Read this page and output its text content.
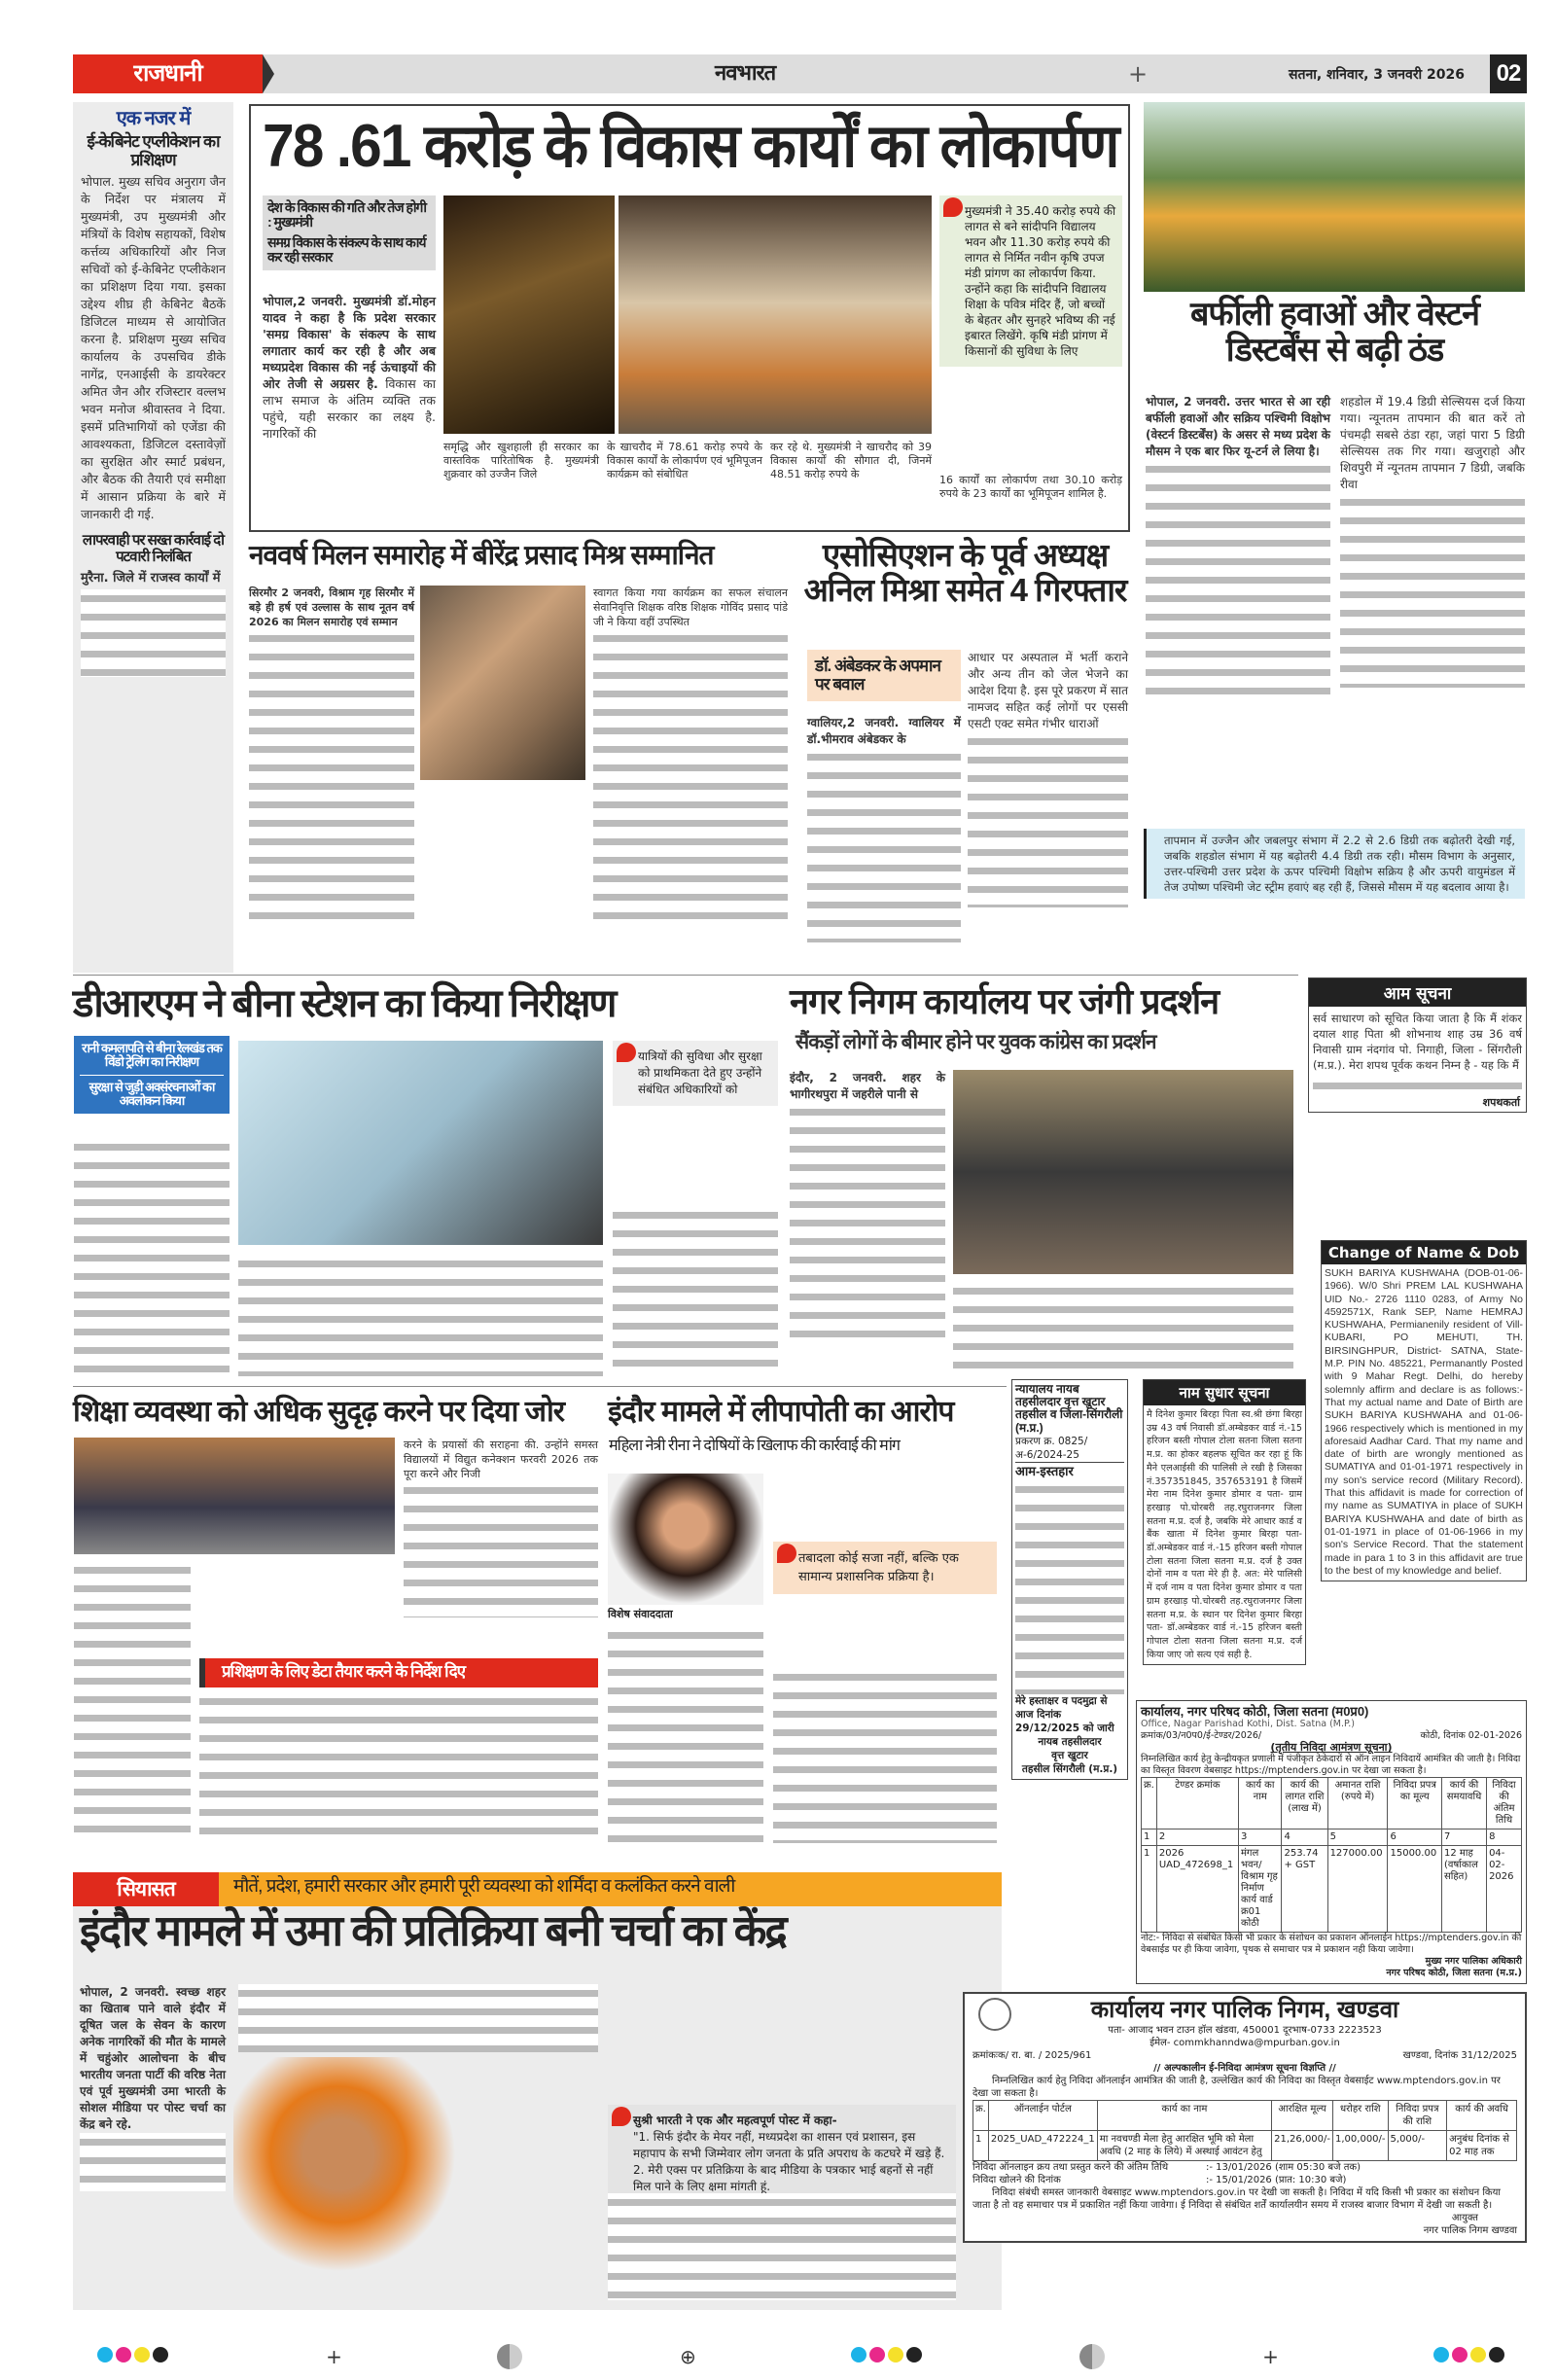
राजधानी	नवभारत	+	सतना, शनिवार, 3 जनवरी 2026 02
एक नजर में
ई-केबिनेट एप्लीकेशन का प्रशिक्षण
भोपाल. मुख्य सचिव अनुराग जैन के निर्देश पर मंत्रालय में मुख्यमंत्री, उप मुख्यमंत्री और मंत्रियों के विशेष सहायकों, विशेष कर्त्तव्य अधिकारियों और निज सचिवों को ई-केबिनेट एप्लीकेशन का प्रशिक्षण दिया गया. इसका उद्देश्य शीघ्र ही केबिनेट बैठकें डिजिटल माध्यम से आयोजित करना है. प्रशिक्षण मुख्य सचिव कार्यालय के उपसचिव डीके नागेंद्र, एनआईसी के डायरेक्टर अमित जैन और रजिस्टार वल्लभ भवन मनोज श्रीवास्तव ने दिया. इसमें प्रतिभागियों को एजेंडा की आवश्यकता, डिजिटल दस्तावेज़ों का सुरक्षित और स्मार्ट प्रबंधन, और बैठक की तैयारी एवं समीक्षा में आसान प्रक्रिया के बारे में जानकारी दी गई.
लापरवाही पर सख्त कार्रवाई दो पटवारी निलंबित
मुरैना. जिले में राजस्व कार्यों में
78 .61 करोड़ के विकास कार्यों का लोकार्पण
देश के विकास की गति और तेज होगी : मुख्यमंत्री
समग्र विकास के संकल्प के साथ कार्य कर रही सरकार
भोपाल,2 जनवरी. मुख्यमंत्री डॉ.मोहन यादव ने कहा है कि प्रदेश सरकार 'समग्र विकास' के संकल्प के साथ लगातार कार्य कर रही है और अब मध्यप्रदेश विकास की नई ऊंचाइयों की ओर तेजी से अग्रसर है. विकास का लाभ समाज के अंतिम व्यक्ति तक पहुंचे, यही सरकार का लक्ष्य है. नागरिकों की
समृद्धि और खुशहाली ही सरकार का वास्तविक पारितोषिक है. मुख्यमंत्री शुक्रवार को उज्जैन जिले
के खाचरौद में 78.61 करोड़ रुपये के विकास कार्यों के लोकार्पण एवं भूमिपूजन कार्यक्रम को संबोधित
कर रहे थे. मुख्यमंत्री ने खाचरौद को 39 विकास कार्यों की सौगात दी, जिनमें 48.51 करोड़ रुपये के
मुख्यमंत्री ने 35.40 करोड़ रुपये की लागत से बने सांदीपनि विद्यालय भवन और 11.30 करोड़ रुपये की लागत से निर्मित नवीन कृषि उपज मंडी प्रांगण का लोकार्पण किया. उन्होंने कहा कि सांदीपनि विद्यालय शिक्षा के पवित्र मंदिर हैं, जो बच्चों के बेहतर और सुनहरे भविष्य की नई इबारत लिखेंगे. कृषि मंडी प्रांगण में किसानों की सुविधा के लिए
16 कार्यों का लोकार्पण तथा 30.10 करोड़ रुपये के 23 कार्यों का भूमिपूजन शामिल है.
बर्फीली हवाओं और वेस्टर्न डिस्टर्बेंस से बढ़ी ठंड
भोपाल, 2 जनवरी. उत्तर भारत से आ रही बर्फीली हवाओं और सक्रिय पश्चिमी विक्षोभ (वेस्टर्न डिस्टर्बेंस) के असर से मध्य प्रदेश के मौसम ने एक बार फिर यू-टर्न ले लिया है।
शहडोल में 19.4 डिग्री सेल्सियस दर्ज किया गया। न्यूनतम तापमान की बात करें तो पंचमढ़ी सबसे ठंडा रहा, जहां पारा 5 डिग्री सेल्सियस तक गिर गया। खजुराहो और शिवपुरी में न्यूनतम तापमान 7 डिग्री, जबकि रीवा
तापमान में उज्जैन और जबलपुर संभाग में 2.2 से 2.6 डिग्री तक बढ़ोतरी देखी गई, जबकि शहडोल संभाग में यह बढ़ोतरी 4.4 डिग्री तक रही। मौसम विभाग के अनुसार, उत्तर-पश्चिमी उत्तर प्रदेश के ऊपर पश्चिमी विक्षोभ सक्रिय है और ऊपरी वायुमंडल में तेज उपोष्ण पश्चिमी जेट स्ट्रीम हवाएं बह रही हैं, जिससे मौसम में यह बदलाव आया है।
नववर्ष मिलन समारोह में बीरेंद्र प्रसाद मिश्र सम्मानित
सिरमौर 2 जनवरी, विश्राम गृह सिरमौर में बड़े ही हर्ष एवं उल्लास के साथ नूतन वर्ष 2026 का मिलन समारोह एवं सम्मान
स्वागत किया गया कार्यक्रम का सफल संचालन सेवानिवृत्ति शिक्षक वरिष्ठ शिक्षक गोविंद प्रसाद पांडे जी ने किया वहीं उपस्थित
एसोसिएशन के पूर्व अध्यक्ष अनिल मिश्रा समेत 4 गिरफ्तार
डॉ. अंबेडकर के अपमान पर बवाल
ग्वालियर,2 जनवरी. ग्वालियर में डॉ.भीमराव अंबेडकर के
आधार पर अस्पताल में भर्ती कराने और अन्य तीन को जेल भेजने का आदेश दिया है. इस पूरे प्रकरण में सात नामजद सहित कई लोगों पर एससी एसटी एक्ट समेत गंभीर धाराओं
डीआरएम ने बीना स्टेशन का किया निरीक्षण
रानी कमलापति से बीना रेलखंड तक विंडो ट्रेलिंग का निरीक्षण
सुरक्षा से जुड़ी अवसंरचनाओं का अवलोकन किया
यात्रियों की सुविधा और सुरक्षा को प्राथमिकता देते हुए उन्होंने संबंधित अधिकारियों को
नगर निगम कार्यालय पर जंगी प्रदर्शन
सैंकड़ों लोगों के बीमार होने पर युवक कांग्रेस का प्रदर्शन
इंदौर, 2 जनवरी. शहर के भागीरथपुरा में जहरीले पानी से
आम सूचना
सर्व साधारण को सूचित किया जाता है कि मैं शंकर दयाल शाह पिता श्री शोभनाथ शाह उम्र 36 वर्ष निवासी ग्राम नंदगांव पो. निगाही, जिला - सिंगरौली (म.प्र.). मेरा शपथ पूर्वक कथन निम्न है - यह कि मैं
शपथकर्ता
Change of Name & Dob
SUKH BARIYA KUSHWAHA (DOB-01-06-1966). W/0 Shri PREM LAL KUSHWAHA UID No.- 2726 1110 0283, of Army No 4592571X, Rank SEP, Name HEMRAJ KUSHWAHA, Permianenily resident of Vill-KUBARI, PO MEHUTI, TH. BIRSINGHPUR, District- SATNA, State-M.P. PIN No. 485221, Permanantly Posted with 9 Mahar Regt. Delhi, do hereby solemnly affirm and declare is as follows:- That my actual name and Date of Birth are SUKH BARIYA KUSHWAHA and 01-06-1966 respectively which is mentioned in my aforesaid Aadhar Card. That my name and date of birth are wrongly mentioned as SUMATIYA and 01-01-1971 respectively in my son's service record (Military Record). That this affidavit is made for correction of my name as SUMATIYA in place of SUKH BARIYA KUSHWAHA and date of birth as 01-01-1971 in place of 01-06-1966 in my son's Service Record. That the statement made in para 1 to 3 in this affidavit are true to the best of my knowledge and belief.
शिक्षा व्यवस्था को अधिक सुदृढ़ करने पर दिया जोर
करने के प्रयासों की सराहना की. उन्होंने समस्त विद्यालयों में विद्युत कनेक्शन फरवरी 2026 तक पूरा करने और निजी
प्रशिक्षण के लिए डेटा तैयार करने के निर्देश दिए
इंदौर मामले में लीपापोती का आरोप
महिला नेत्री रीना ने दोषियों के खिलाफ की कार्रवाई की मांग
विशेष संवाददाता
तबादला कोई सजा नहीं, बल्कि एक सामान्य प्रशासनिक प्रक्रिया है।
न्यायालय नायब तहसीलदार वृत्त खुटार तहसील व जिला-सिंगरौली (म.प्र.)
प्रकरण क्र. 0825/अ-6/2024-25
आम-इस्तहार
मेरे हस्ताक्षर व पदमुद्रा से आज दिनांक 29/12/2025 को जारी
नायब तहसीलदार
वृत्त खुटार
तहसील सिंगरौली (म.प्र.)
नाम सुधार सूचना
मै दिनेश कुमार बिरहा पिता स्व.श्री छंगा बिरहा उम्र 43 वर्ष निवासी डॉ.अम्बेडकर वार्ड नं.-15 हरिजन बस्ती गोपाल टोला सतना जिला सतना म.प्र. का होकर बहलफ सूचित कर रहा हूं कि मैने एलआईसी की पालिसी ले रखी है जिसका नं.357351845, 357653191 है जिसमें मेरा नाम दिनेश कुमार डोमार व पता- ग्राम हरखाड़ पो.चोरबरी तह.रघुराजनगर जिला सतना म.प्र. दर्ज है, जबकि मेरे आधार कार्ड व बैंक खाता में दिनेश कुमार बिरहा पता- डॉ.अम्बेडकर वार्ड नं.-15 हरिजन बस्ती गोपाल टोला सतना जिला सतना म.प्र. दर्ज है उक्त दोनों नाम व पता मेरे ही है. अत: मेरे पालिसी में दर्ज नाम व पता दिनेश कुमार डोमार व पता ग्राम हरखाड़ पो.चोरबरी तह.रघुराजनगर जिला सतना म.प्र. के स्थान पर दिनेश कुमार बिरहा पता- डॉ.अम्बेडकर वार्ड नं.-15 हरिजन बस्ती गोपाल टोला सतना जिला सतना म.प्र. दर्ज किया जाए जो सत्य एवं सही है.
कार्यालय, नगर परिषद कोठी, जिला सतना (म0प्र0)
Office, Nagar Parishad Kothi, Dist. Satna (M.P.)
क्रमांक/03/न0प0/ई-टेण्डर/2026/	कोठी, दिनांक 02-01-2026
(तृतीय निविदा आमंत्रण सूचना)
निम्नलिखित कार्य हेतु केन्द्रीयकृत प्रणाली में पंजीकृत ठेकेदारों से ऑन लाइन निविदायें आमंत्रित की जाती है। निविदा का विस्तृत विवरण वेबसाइट https://mptenders.gov.in पर देखा जा सकता है।
क्र.	टेण्डर क्रमांक	कार्य का नाम	कार्य की लागत राशि (लाख में)	अमानत राशि (रुपये में)	निविदा प्रपत्र का मूल्य	कार्य की समयावधि	निविदा की अंतिम तिथि
1	2	3	4	5	6	7	8
1	2026 UAD_472698_1	मंगल भवन/विश्राम गृह निर्माण कार्य वार्ड क्र01 कोठी	253.74 + GST	127000.00	15000.00	12 माह (वर्षाकाल सहित)	04-02-2026
नोट:- निविदा से संबंधित किसी भी प्रकार के संशोधन का प्रकाशन ऑनलाईन https://mptenders.gov.in की वेबसाईड पर ही किया जावेगा, पृथक से समाचार पत्र मे प्रकाशन नही किया जावेगा।
मुख्य नगर पालिका अधिकारी
नगर परिषद कोठी, जिला सतना (म.प्र.)
सियासत	मौतें, प्रदेश, हमारी सरकार और हमारी पूरी व्यवस्था को शर्मिंदा व कलंकित करने वाली
इंदौर मामले में उमा की प्रतिक्रिया बनी चर्चा का केंद्र
भोपाल, 2 जनवरी. स्वच्छ शहर का खिताब पाने वाले इंदौर में दूषित जल के सेवन के कारण अनेक नागरिकों की मौत के मामले में चहुंओर आलोचना के बीच भारतीय जनता पार्टी की वरिष्ठ नेता एवं पूर्व मुख्यमंत्री उमा भारती के सोशल मीडिया पर पोस्ट चर्चा का केंद्र बने रहे.	सुश्री भारती ने एक और महत्वपूर्ण पोस्ट में कहा-
"1. सिर्फ इंदौर के मेयर नहीं, मध्यप्रदेश का शासन एवं प्रशासन, इस महापाप के सभी जिम्मेवार लोग जनता के प्रति अपराध के कटघरे में खड़े हैं. 2. मेरी एक्स पर प्रतिक्रिया के बाद मीडिया के पत्रकार भाई बहनों से नहीं मिल पाने के लिए क्षमा मांगती हूं.
कार्यालय नगर पालिक निगम, खण्डवा
पता- आजाद भवन टाउन हॉल खंडवा, 450001 दूरभाष-0733 2223523
ईमेल- commkhanndwa@mpurban.gov.in
क्रमांकःक/ रा. बा. / 2025/961	खण्डवा, दिनांक 31/12/2025
// अल्पकालीन ई-निविदा आमंत्रण सूचना विज्ञप्ति //
निम्नलिखित कार्य हेतु निविदा ऑनलाईन आमंत्रित की जाती है, उल्लेखित कार्य की निविदा का विस्तृत वेबसाईट www.mptendors.gov.in पर देखा जा सकता है।
क्र.	ऑनलाईन पोर्टल	कार्य का नाम	आरक्षित मूल्य	धरोहर राशि	निविदा प्रपत्र की राशि	कार्य की अवधि
1	2025_UAD_472224_1	मा नवचण्डी मेला हेतु आरक्षित भूमि को मेला अवधि (2 माह के लिये) में अस्थाई आवंटन हेतु	21,26,000/-	1,00,000/-	5,000/-	अनुबंध दिनांक से 02 माह तक
निविदा ऑनलाइन क्रय तथा प्रस्तुत करने की अंतिम तिथि	:- 13/01/2026 (शाम 05:30 बजे तक)
निविदा खोलने की दिनांक	:- 15/01/2026 (प्रात: 10:30 बजे)
निविदा संबंधी समस्त जानकारी वेबसाइट www.mptendors.gov.in पर देखी जा सकती है। निविदा में यदि किसी भी प्रकार का संशोधन किया जाता है तो वह समाचार पत्र में प्रकाशित नहीं किया जावेगा। ई निविदा से संबंधित शर्तें कार्यालयीन समय में राजस्व बाजार विभाग में देखी जा सकती है।
आयुक्त
नगर पालिक निगम खण्डवा
+	⊕	+
